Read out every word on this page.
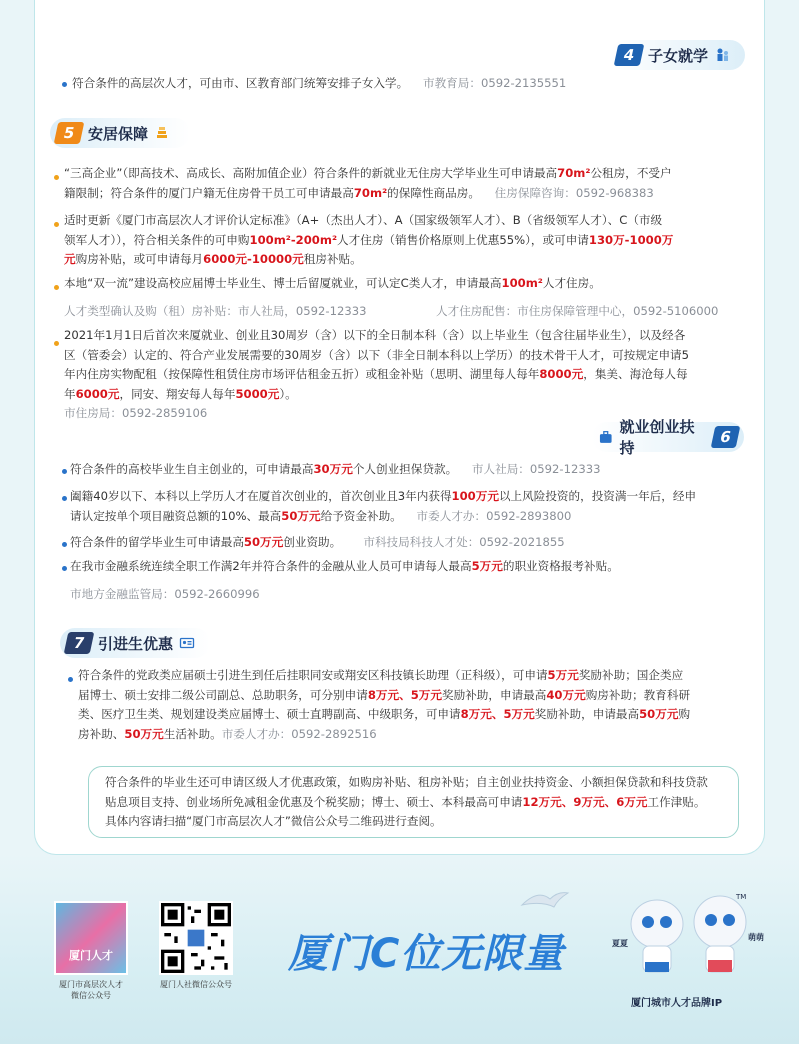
4 子女就学
符合条件的高层次人才，可由市、区教育部门统筹安排子女入学。 市教育局：0592-2135551
5 安居保障
“三高企业”（即高技术、高成长、高附加值企业）符合条件的新就业无住房大学毕业生可申请最高70m²公租房，不受户
籍限制；符合条件的厦门户籍无住房骨干员工可申请最高70m²的保障性商品房。 住房保障咨询：0592-968383
适时更新《厦门市高层次人才评价认定标准》（A+（杰出人才）、A（国家级领军人才）、B（省级领军人才）、C（市级
领军人才）），符合相关条件的可申购100m²-200m²人才住房（销售价格原则上优惠55%），或可申请130万-1000万
元购房补贴，或可申请每月6000元-10000元租房补贴。
本地“双一流”建设高校应届博士毕业生、博士后留厦就业，可认定C类人才，申请最高100m²人才住房。
人才类型确认及购（租）房补贴：市人社局，0592-12333	人才住房配售：市住房保障管理中心，0592-5106000
2021年1月1日后首次来厦就业、创业且30周岁（含）以下的全日制本科（含）以上毕业生（包含往届毕业生），以及经各
区（管委会）认定的、符合产业发展需要的30周岁（含）以下（非全日制本科以上学历）的技术骨干人才，可按规定申请5
年内住房实物配租（按保障性租赁住房市场评估租金五折）或租金补贴（思明、湖里每人每年8000元，集美、海沧每人每
年6000元，同安、翔安每人每年5000元）。
市住房局：0592-2859106
就业创业扶持
6
符合条件的高校毕业生自主创业的，可申请最高30万元个人创业担保贷款。 市人社局：0592-12333
阖籍40岁以下、本科以上学历人才在厦首次创业的，首次创业且3年内获得100万元以上风险投资的，投资满一年后，经申
请认定按单个项目融资总额的10%、最高50万元给予资金补助。 市委人才办：0592-2893800
符合条件的留学毕业生可申请最高50万元创业资助。 市科技局科技人才处：0592-2021855
在我市金融系统连续全职工作满2年并符合条件的金融从业人员可申请每人最高5万元的职业资格报考补贴。
市地方金融监管局：0592-2660996
7 引进生优惠
符合条件的党政类应届硕士引进生到任后挂职同安或翔安区科技镇长助理（正科级），可申请5万元奖励补助；国企类应
届博士、硕士安排二级公司副总、总助职务，可分别申请8万元、5万元奖励补助，申请最高40万元购房补助；教育科研
类、医疗卫生类、规划建设类应届博士、硕士直聘副高、中级职务，可申请8万元、5万元奖励补助，申请最高50万元购
房补助、50万元生活补助。市委人才办：0592-2892516
符合条件的毕业生还可申请区级人才优惠政策，如购房补贴、租房补贴；自主创业扶持资金、小额担保贷款和科技贷款
贴息项目支持、创业场所免减租金优惠及个税奖励；博士、硕士、本科最高可申请12万元、9万元、6万元工作津贴。
具体内容请扫描“厦门市高层次人才”微信公众号二维码进行查阅。
厦门人才
厦门市高层次人才
微信公众号
厦门人社微信公众号
厦门C位无限量	夏夏
萌萌
TM
厦门城市人才品牌IP
